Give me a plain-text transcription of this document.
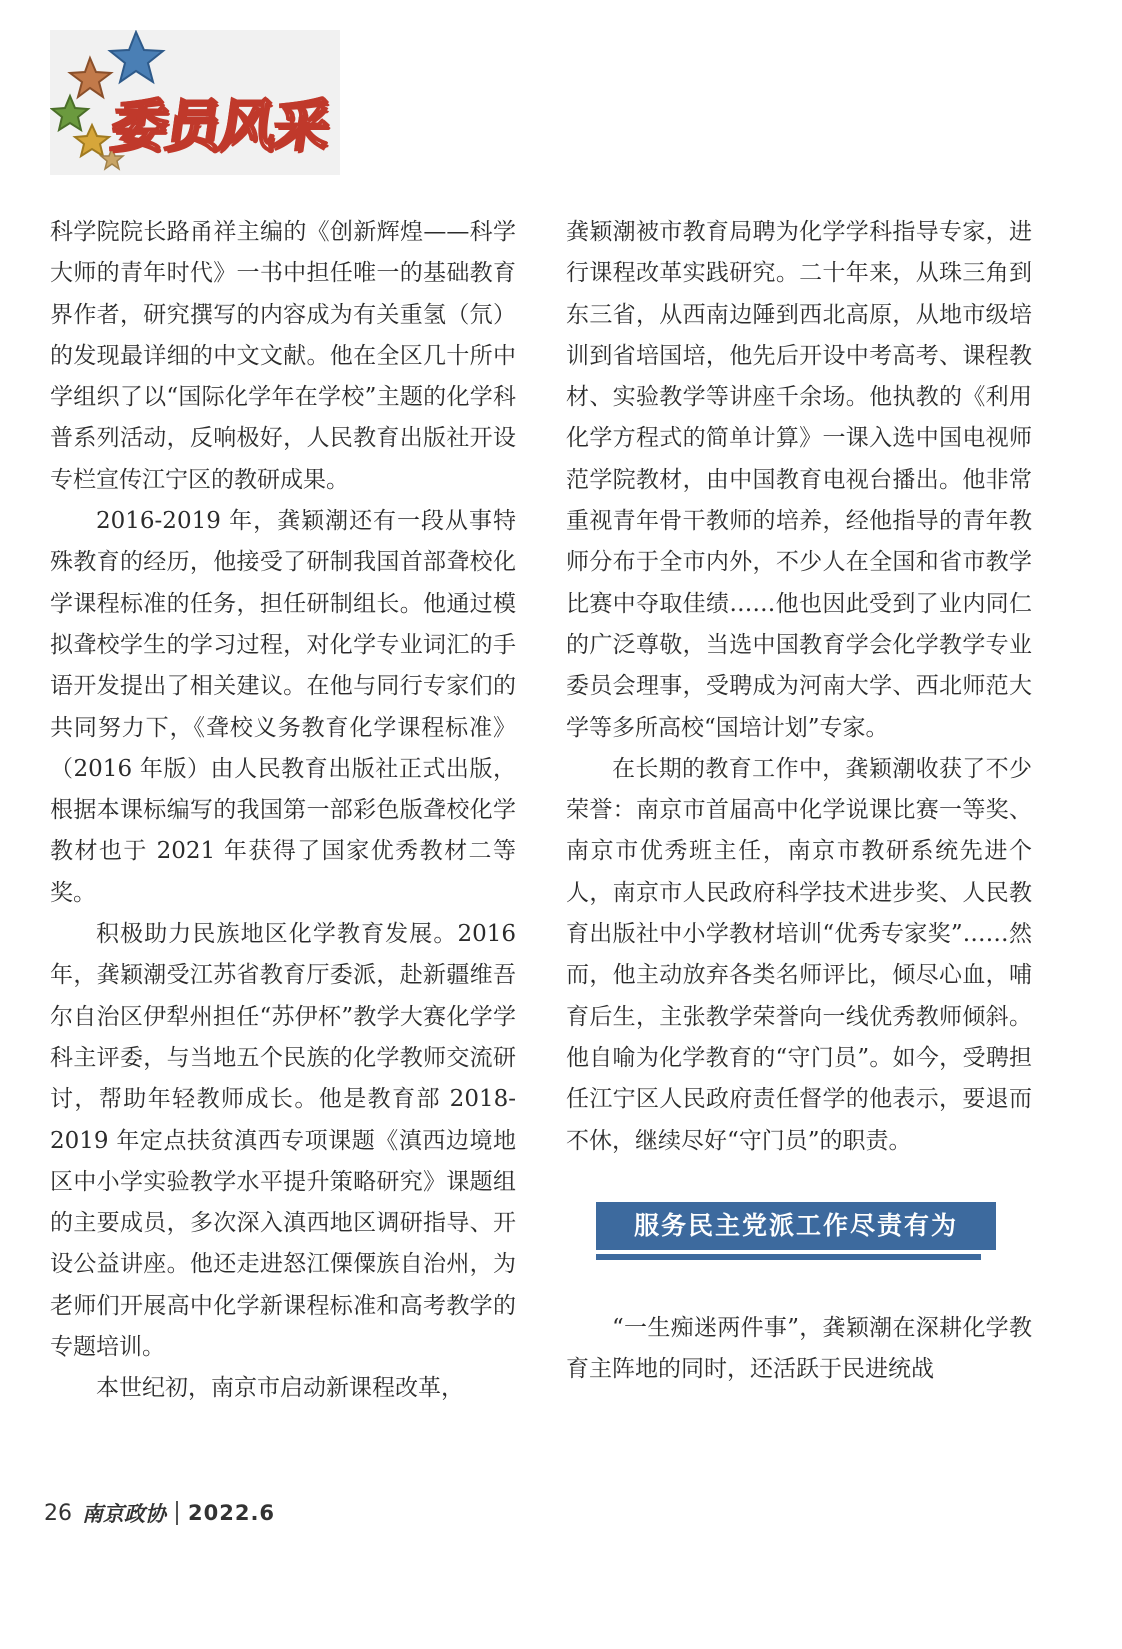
委员风采

科学院院长路甬祥主编的《创新辉煌——科学大师的青年时代》一书中担任唯一的基础教育界作者，研究撰写的内容成为有关重氢（氘）的发现最详细的中文文献。他在全区几十所中学组织了以“国际化学年在学校”主题的化学科普系列活动，反响极好，人民教育出版社开设专栏宣传江宁区的教研成果。

2016-2019 年，龚颖潮还有一段从事特殊教育的经历，他接受了研制我国首部聋校化学课程标准的任务，担任研制组长。他通过模拟聋校学生的学习过程，对化学专业词汇的手语开发提出了相关建议。在他与同行专家们的共同努力下，《聋校义务教育化学课程标准》（2016 年版）由人民教育出版社正式出版，根据本课标编写的我国第一部彩色版聋校化学教材也于 2021 年获得了国家优秀教材二等奖。

积极助力民族地区化学教育发展。2016 年，龚颖潮受江苏省教育厅委派，赴新疆维吾尔自治区伊犁州担任“苏伊杯”教学大赛化学学科主评委，与当地五个民族的化学教师交流研讨，帮助年轻教师成长。他是教育部 2018-2019 年定点扶贫滇西专项课题《滇西边境地区中小学实验教学水平提升策略研究》课题组的主要成员，多次深入滇西地区调研指导、开设公益讲座。他还走进怒江傈僳族自治州，为老师们开展高中化学新课程标准和高考教学的专题培训。

本世纪初，南京市启动新课程改革，

龚颖潮被市教育局聘为化学学科指导专家，进行课程改革实践研究。二十年来，从珠三角到东三省，从西南边陲到西北高原，从地市级培训到省培国培，他先后开设中考高考、课程教材、实验教学等讲座千余场。他执教的《利用化学方程式的简单计算》一课入选中国电视师范学院教材，由中国教育电视台播出。他非常重视青年骨干教师的培养，经他指导的青年教师分布于全市内外，不少人在全国和省市教学比赛中夺取佳绩……他也因此受到了业内同仁的广泛尊敬，当选中国教育学会化学教学专业委员会理事，受聘成为河南大学、西北师范大学等多所高校“国培计划”专家。

在长期的教育工作中，龚颖潮收获了不少荣誉：南京市首届高中化学说课比赛一等奖、南京市优秀班主任，南京市教研系统先进个人，南京市人民政府科学技术进步奖、人民教育出版社中小学教材培训“优秀专家奖”……然而，他主动放弃各类名师评比，倾尽心血，哺育后生，主张教学荣誉向一线优秀教师倾斜。他自喻为化学教育的“守门员”。如今，受聘担任江宁区人民政府责任督学的他表示，要退而不休，继续尽好“守门员”的职责。

服务民主党派工作尽责有为

“一生痴迷两件事”，龚颖潮在深耕化学教育主阵地的同时，还活跃于民进统战

26 南京政协 2022.6
